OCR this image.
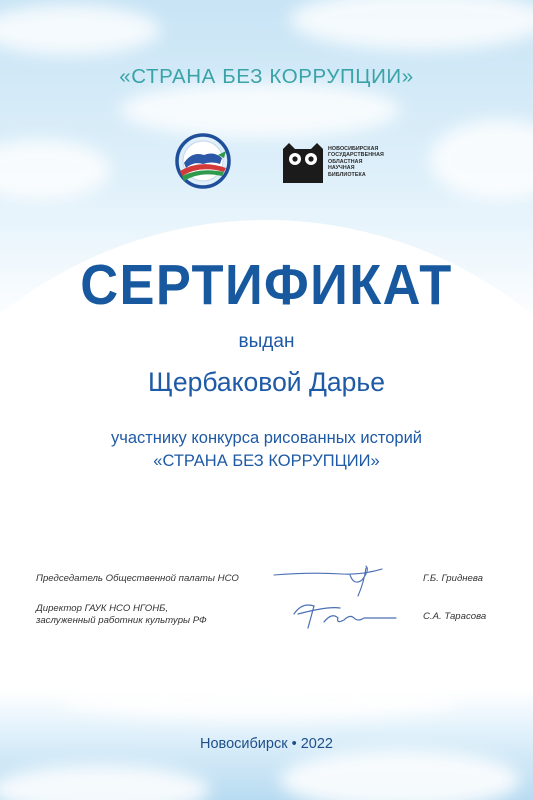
«СТРАНА БЕЗ КОРРУПЦИИ»
НОВОСИБИРСКАЯ
ГОСУДАРСТВЕННАЯ
ОБЛАСТНАЯ
НАУЧНАЯ
БИБЛИОТЕКА
СЕРТИФИКАТ
выдан
Щербаковой Дарье
участнику конкурса рисованных историй
«СТРАНА БЕЗ КОРРУПЦИИ»
Председатель Общественной палаты НСО	Г.Б. Гриднева
Директор ГАУК НСО НГОНБ,
заслуженный работник культуры РФ	С.А. Тарасова
Новосибирск • 2022
